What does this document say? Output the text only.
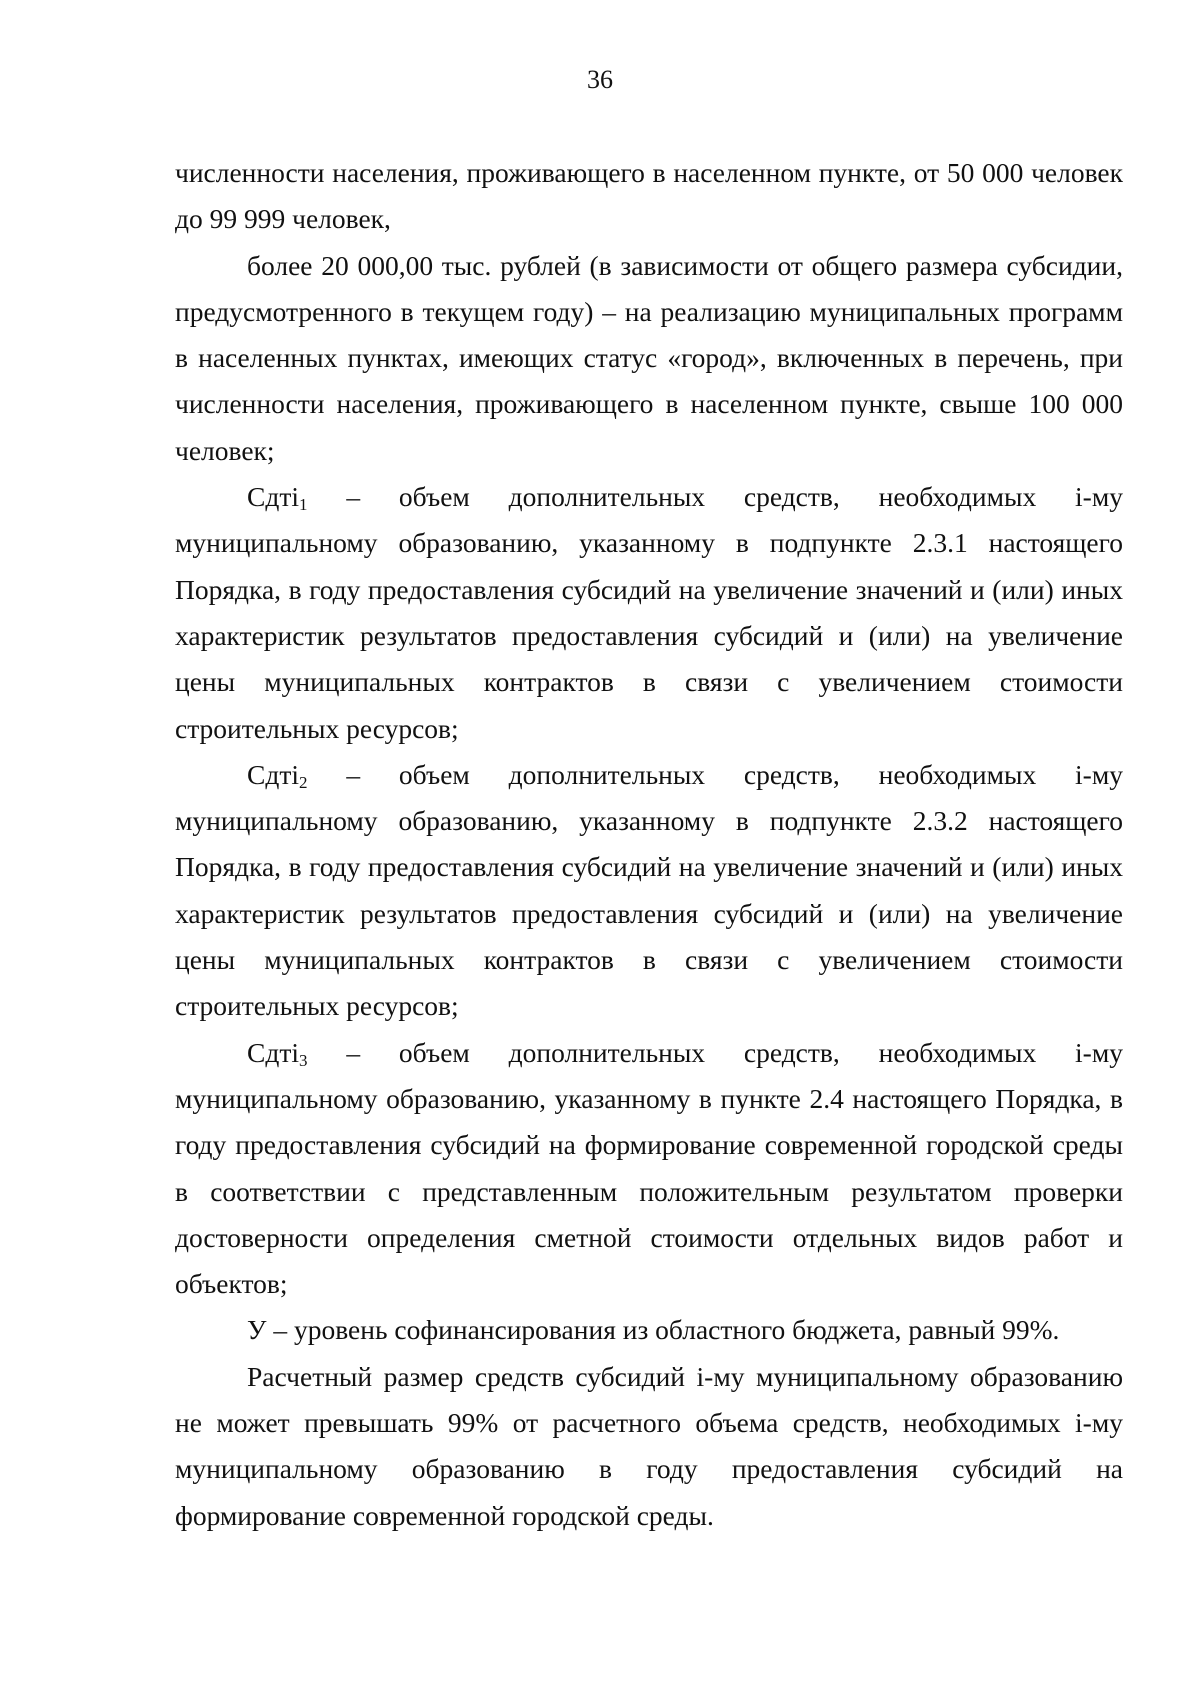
36

численности населения, проживающего в населенном пункте, от 50 000 человек до 99 999 человек,

более 20 000,00 тыс. рублей (в зависимости от общего размера субсидии, предусмотренного в текущем году) – на реализацию муниципальных программ в населенных пунктах, имеющих статус «город», включенных в перечень, при численности населения, проживающего в населенном пункте, свыше 100 000 человек;

Сдті$_1$ – объем дополнительных средств, необходимых і-му муниципальному образованию, указанному в подпункте 2.3.1 настоящего Порядка, в году предоставления субсидий на увеличение значений и (или) иных характеристик результатов предоставления субсидий и (или) на увеличение цены муниципальных контрактов в связи с увеличением стоимости строительных ресурсов;

Сдті$_2$ – объем дополнительных средств, необходимых і-му муниципальному образованию, указанному в подпункте 2.3.2 настоящего Порядка, в году предоставления субсидий на увеличение значений и (или) иных характеристик результатов предоставления субсидий и (или) на увеличение цены муниципальных контрактов в связи с увеличением стоимости строительных ресурсов;

Сдті$_3$ – объем дополнительных средств, необходимых і-му муниципальному образованию, указанному в пункте 2.4 настоящего Порядка, в году предоставления субсидий на формирование современной городской среды в соответствии с представленным положительным результатом проверки достоверности определения сметной стоимости отдельных видов работ и объектов;

У – уровень софинансирования из областного бюджета, равный 99%.

Расчетный размер средств субсидий і-му муниципальному образованию не может превышать 99% от расчетного объема средств, необходимых і-му муниципальному образованию в году предоставления субсидий на формирование современной городской среды.
